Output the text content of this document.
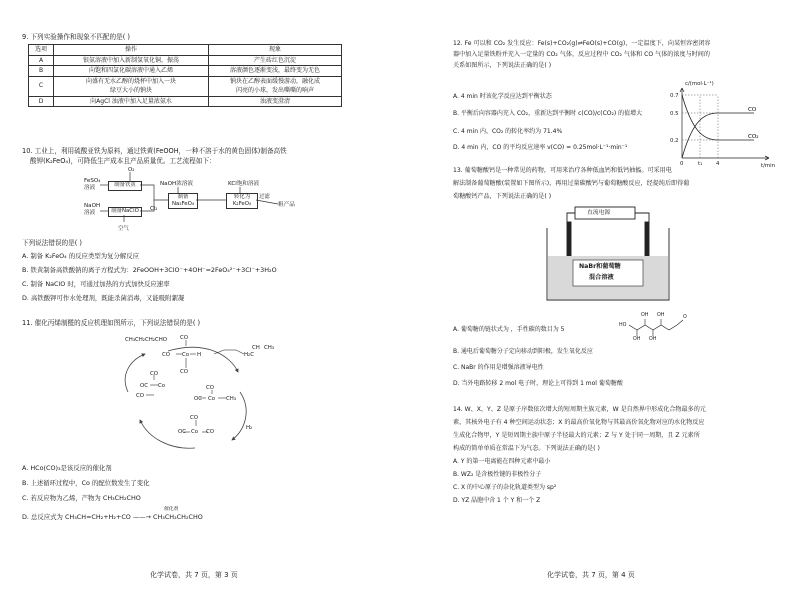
9. 下列实验操作和现象不匹配的是( )
选项	操作	现象
A	银氨溶液中加入新制氢氧化铜，振荡	产生砖红色沉淀
B	向饱和四氯化碳溶液中通入乙烯	溶液颜色逐渐变浅，最终变为无色
C	向盛有无水乙醇的烧杯中加入一块	钠块在乙醇表面缓慢游动，融化成
	绿豆大小的钠块	闪亮的小球，发出嘶嘶的响声
D	向AgCl 浊液中加入足量浓氨水	浊液变澄清
10. 工业上，利用硫酸亚铁为原料，通过铁黄(FeOOH，一种不溶于水的黄色固体)制备高铁
酸钾(K₂FeO₄)，可降低生产成本且产品质量优。工艺流程如下：
FeSO₄
溶液
NaOH
溶液
O₂
空气
制备铁黄
制备NaClO
制备
Na₂FeO₄
转化为
K₂FeO₄
NaOH浓溶液	KCl饱和溶液
过滤
粗产品
Cl₂
下列说法错误的是( )
A. 制备 K₂FeO₄ 的反应类型为复分解反应
B. 铁黄制备高铁酸钠的离子方程式为：2FeOOH+3ClO⁻+4OH⁻=2FeO₄²⁻+3Cl⁻+3H₂O
C. 制备 NaClO 时，可通过加热的方式加快反应速率
D. 高铁酸钾可作水处理剂，既能杀菌消毒，又能吸附絮凝
11. 催化丙烯制醛的反应机理如图所示，下列说法错误的是( )
CH₃CH₂CH₂CHO CO
CO Co H
CO
H₂C
CH CH₃
OC
CO
Co
CO	OC Co
CO
CH₃
OC Co
CO
CO
H₂
A. HCo(CO)₃是该反应的催化剂
B. 上述循环过程中，Co 的配位数发生了变化
C. 若反应物为乙烯，产物为 CH₃CH₂CHO
D. 总反应式为 CH₃CH=CH₂+H₂+CO ——→ CH₃CH₂CH₂CHO
催化剂
化学试卷，共 7 页，第 3 页
12. Fe 可以和 CO₂ 发生反应：Fe(s)+CO₂(g)⇌FeO(s)+CO(g)，一定温度下，向某恒容密闭容
器中加入足量铁粉并充入一定量的 CO₂ 气体，反应过程中 CO₂ 气体和 CO 气体的浓度与时间的
关系如图所示，下列说法正确的是( )
A. 4 min 时该化学反应达到平衡状态
B. 平衡后向容器内充入 CO₂，重新达到平衡时 c(CO)/c(CO₂) 的值增大
C. 4 min 内，CO₂ 的转化率约为 71.4%
D. 4 min 内，CO 的平均反应速率 v(CO) = 0.25mol·L⁻¹·min⁻¹
0.7
0.5
0.2
0	t₁	4
CO
CO₂
c/(mol·L⁻¹)
t/min
13. 葡萄糖酸钙是一种常见的药物，可用来治疗各种低血钙和低钙抽搐。可采用电
解法制备葡萄糖酸(装置如下图所示)，再用过量碳酸钙与葡萄糖酸反应，经提纯后即得葡
萄糖酸钙产品，下列说法正确的是( )
直流电源
NaBr和葡萄糖
混合溶液
OH OH
OH OH
HO
O
A. 葡萄糖的链状式为 ，手性碳的数目为 5
B. 通电后葡萄糖分子定向移动到阳极，发生氧化反应
C. NaBr 的作用是增强溶液导电性
D. 当外电路转移 2 mol 电子时，理论上可得到 1 mol 葡萄糖酸
14. W、X、Y、Z 是原子序数依次增大的短周期主族元素，W 是自然界中形成化合物最多的元
素，其核外电子有 4 种空间运动状态；X 的最高价氧化物与其最高价氧化物对应的水化物反应
生成化合物甲，Y 是短周期主族中原子半径最大的元素；Z 与 Y 处于同一周期，且 Z 元素所
构成的简单单质在常温下为气态。下列说法正确的是( )
A. Y 的第一电离能在四种元素中最小
B. WZ₂ 是含极性键的非极性分子
C. X 的中心原子的杂化轨道类型为 sp²
D. YZ 晶胞中含 1 个 Y 和一个 Z
化学试卷，共 7 页，第 4 页
